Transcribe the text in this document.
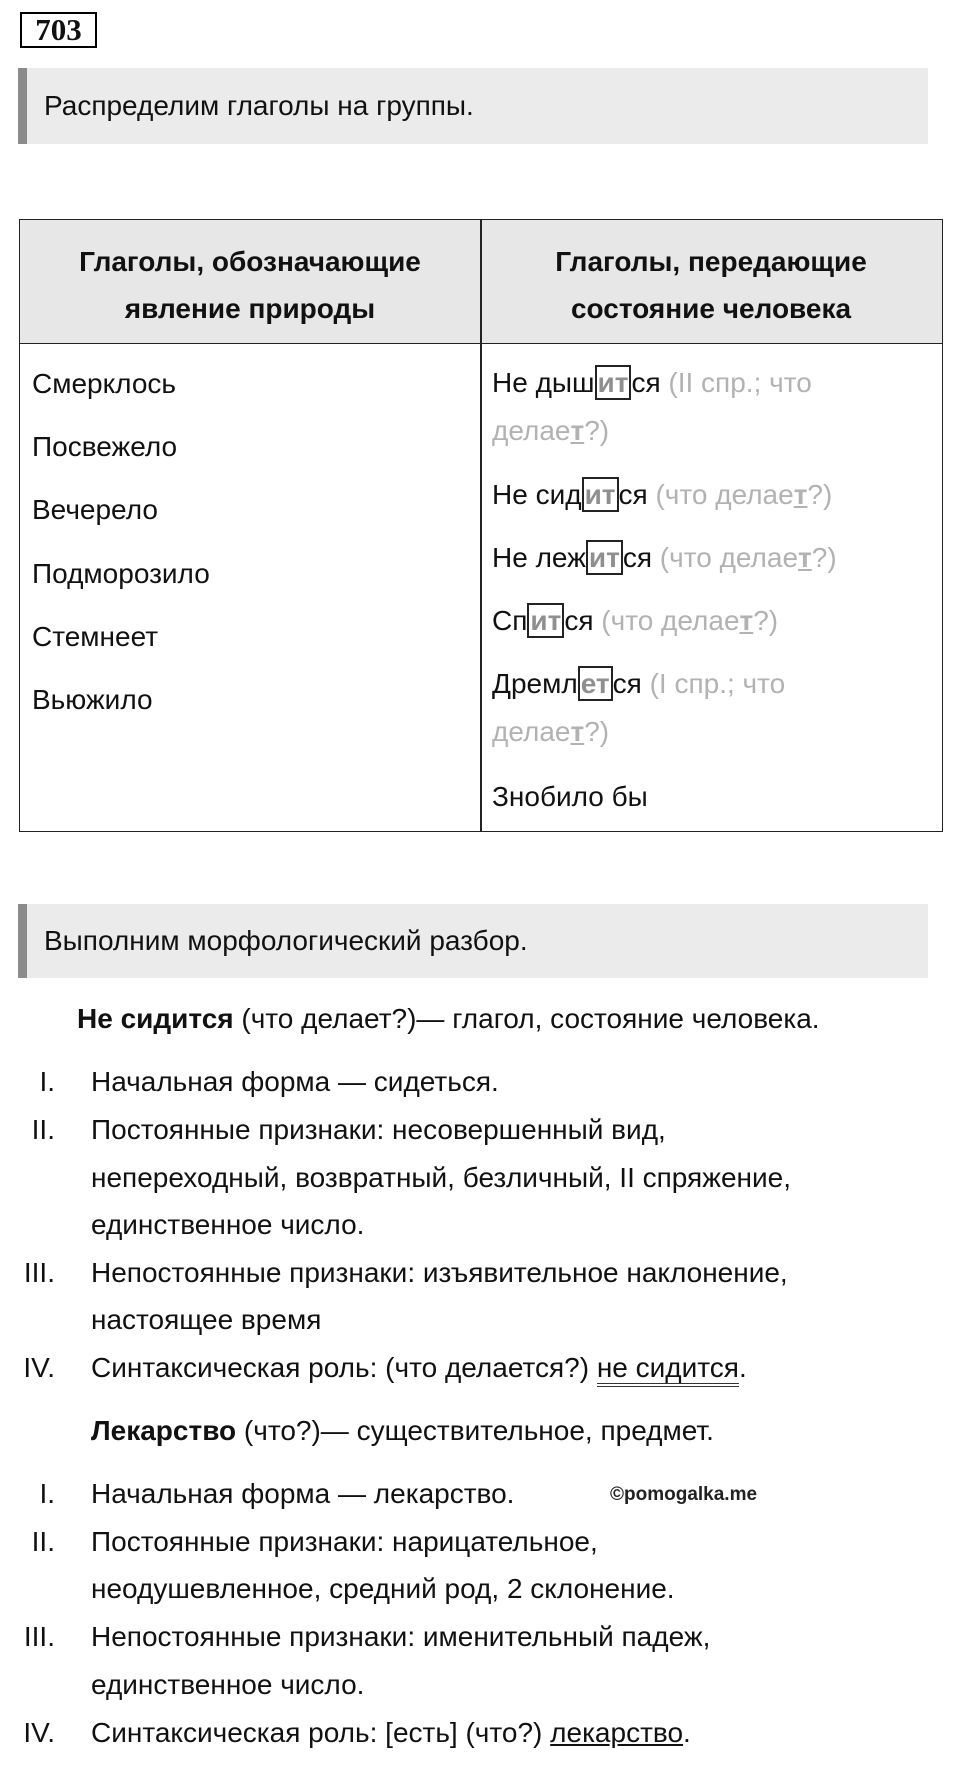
703
Распределим глаголы на группы.
Глаголы, обозначающие
явление природы
Глаголы, передающие
состояние человека
Смерклось
Посвежело
Вечерело
Подморозило
Стемнеет
Вьюжило
Не дыш ит ся (II спр.; что
делает?)
Не сид ит ся (что делает?)
Не леж ит ся (что делает?)
Сп ит ся (что делает?)
Дремл ет ся (I спр.; что
делает?)
Знобило бы
Выполним морфологический разбор.
Не сидится (что делает?)— глагол, состояние человека.
I. Начальная форма — сидеться.
II. Постоянные признаки: несовершенный вид,
непереходный, возвратный, безличный, II спряжение,
единственное число.
III. Непостоянные признаки: изъявительное наклонение,
настоящее время
IV. Синтаксическая роль: (что делается?) не сидится.
Лекарство (что?)— существительное, предмет.
I. Начальная форма — лекарство.	©pomogalka.me
II. Постоянные признаки: нарицательное,
неодушевленное, средний род, 2 склонение.
III. Непостоянные признаки: именительный падеж,
единственное число.
IV. Синтаксическая роль: [есть] (что?) лекарство.
